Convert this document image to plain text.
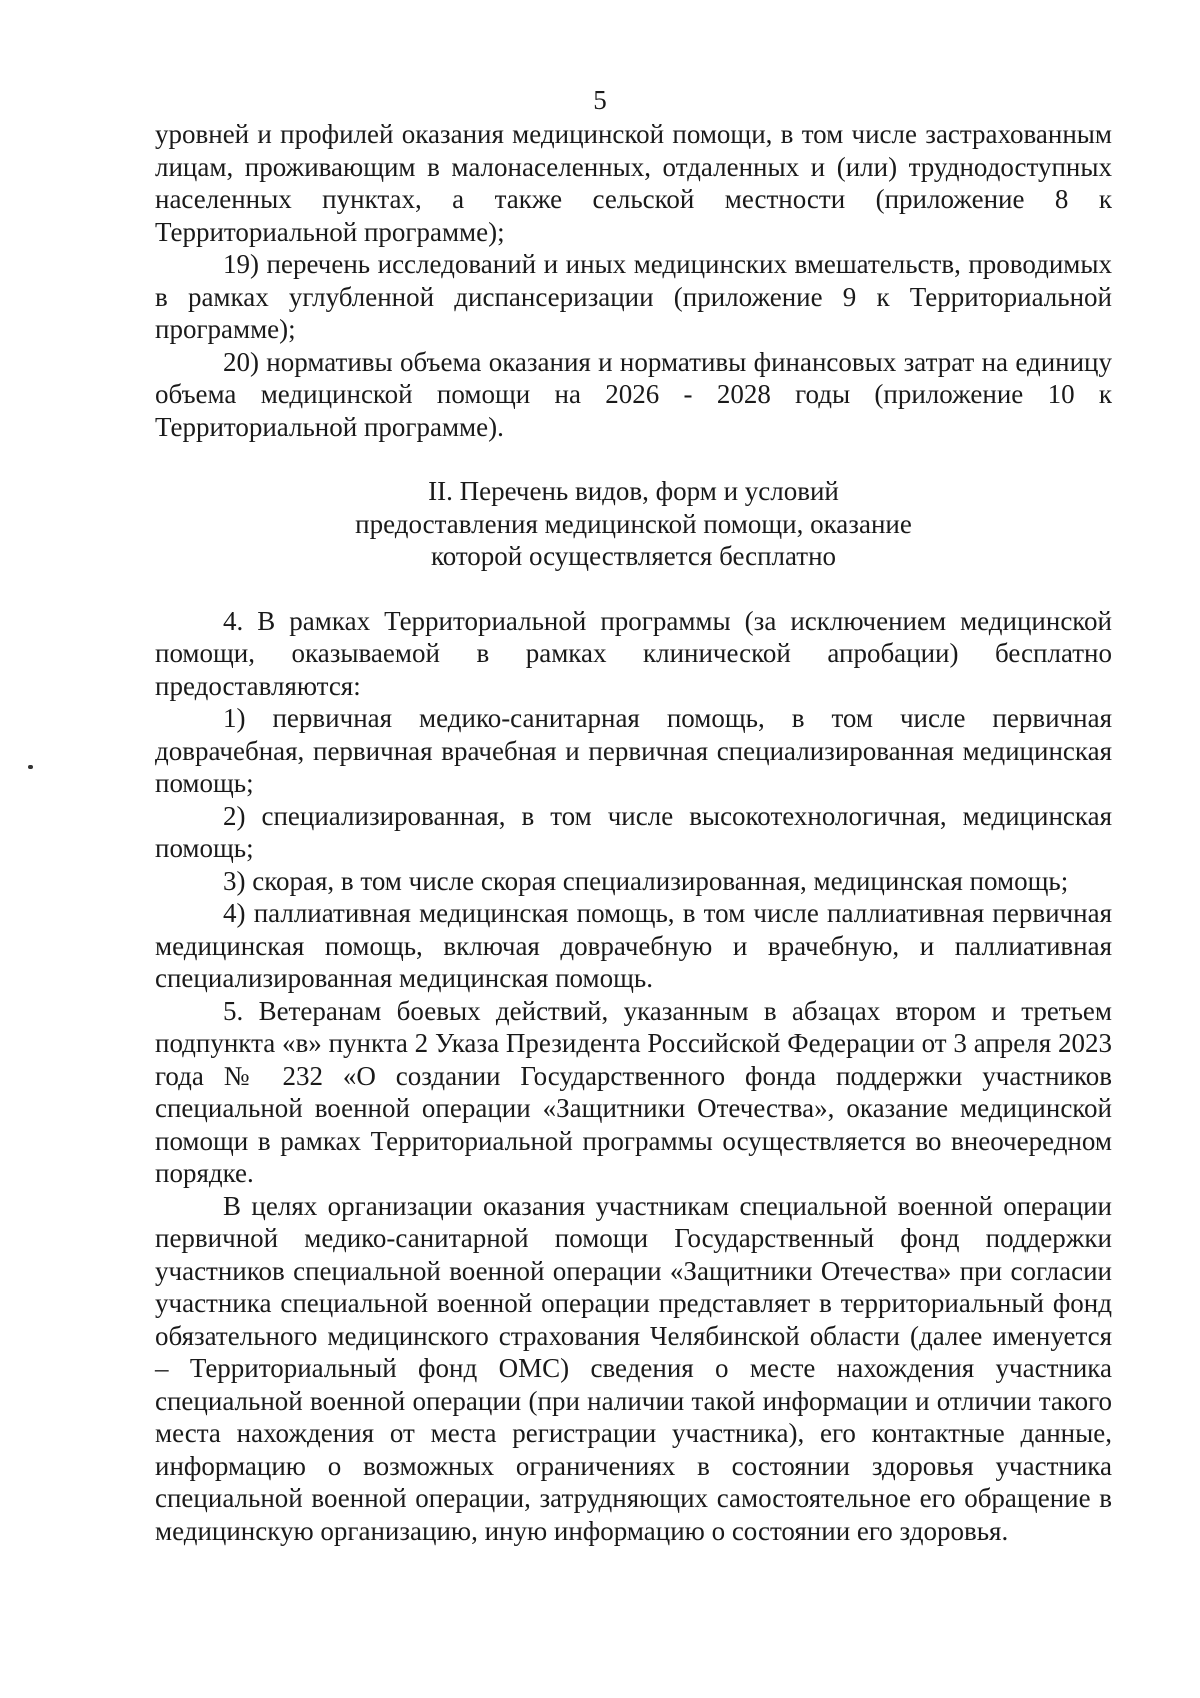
5

уровней и профилей оказания медицинской помощи, в том числе застрахованным лицам, проживающим в малонаселенных, отдаленных и (или) труднодоступных населенных пунктах, а также сельской местности (приложение 8 к Территориальной программе);

19) перечень исследований и иных медицинских вмешательств, проводимых в рамках углубленной диспансеризации (приложение 9 к Территориальной программе);

20) нормативы объема оказания и нормативы финансовых затрат на единицу объема медицинской помощи на 2026 - 2028 годы (приложение 10 к Территориальной программе).

II. Перечень видов, форм и условий
предоставления медицинской помощи, оказание
которой осуществляется бесплатно

4. В рамках Территориальной программы (за исключением медицинской помощи, оказываемой в рамках клинической апробации) бесплатно предоставляются:

1) первичная медико-санитарная помощь, в том числе первичная доврачебная, первичная врачебная и первичная специализированная медицинская помощь;

2) специализированная, в том числе высокотехнологичная, медицинская помощь;

3) скорая, в том числе скорая специализированная, медицинская помощь;

4) паллиативная медицинская помощь, в том числе паллиативная первичная медицинская помощь, включая доврачебную и врачебную, и паллиативная специализированная медицинская помощь.

5. Ветеранам боевых действий, указанным в абзацах втором и третьем подпункта «в» пункта 2 Указа Президента Российской Федерации от 3 апреля 2023 года № 232 «О создании Государственного фонда поддержки участников специальной военной операции «Защитники Отечества», оказание медицинской помощи в рамках Территориальной программы осуществляется во внеочередном порядке.

В целях организации оказания участникам специальной военной операции первичной медико-санитарной помощи Государственный фонд поддержки участников специальной военной операции «Защитники Отечества» при согласии участника специальной военной операции представляет в территориальный фонд обязательного медицинского страхования Челябинской области (далее именуется – Территориальный фонд ОМС) сведения о месте нахождения участника специальной военной операции (при наличии такой информации и отличии такого места нахождения от места регистрации участника), его контактные данные, информацию о возможных ограничениях в состоянии здоровья участника специальной военной операции, затрудняющих самостоятельное его обращение в медицинскую организацию, иную информацию о состоянии его здоровья.
